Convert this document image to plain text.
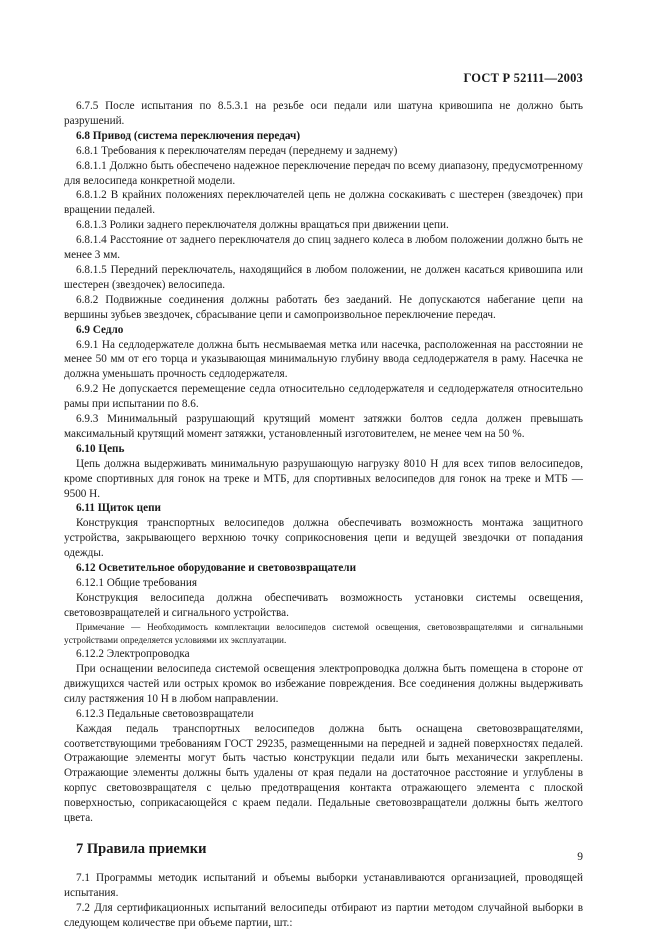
ГОСТ Р 52111—2003

6.7.5 После испытания по 8.5.3.1 на резьбе оси педали или шатуна кривошипа не должно быть разрушений.

6.8 Привод (система переключения передач)

6.8.1 Требования к переключателям передач (переднему и заднему)

6.8.1.1 Должно быть обеспечено надежное переключение передач по всему диапазону, предусмотренному для велосипеда конкретной модели.

6.8.1.2 В крайних положениях переключателей цепь не должна соскакивать с шестерен (звездочек) при вращении педалей.

6.8.1.3 Ролики заднего переключателя должны вращаться при движении цепи.

6.8.1.4 Расстояние от заднего переключателя до спиц заднего колеса в любом положении должно быть не менее 3 мм.

6.8.1.5 Передний переключатель, находящийся в любом положении, не должен касаться кривошипа или шестерен (звездочек) велосипеда.

6.8.2 Подвижные соединения должны работать без заеданий. Не допускаются набегание цепи на вершины зубьев звездочек, сбрасывание цепи и самопроизвольное переключение передач.

6.9 Седло

6.9.1 На седлодержателе должна быть несмываемая метка или насечка, расположенная на расстоянии не менее 50 мм от его торца и указывающая минимальную глубину ввода седлодержателя в раму. Насечка не должна уменьшать прочность седлодержателя.

6.9.2 Не допускается перемещение седла относительно седлодержателя и седлодержателя относительно рамы при испытании по 8.6.

6.9.3 Минимальный разрушающий крутящий момент затяжки болтов седла должен превышать максимальный крутящий момент затяжки, установленный изготовителем, не менее чем на 50 %.

6.10 Цепь

Цепь должна выдерживать минимальную разрушающую нагрузку 8010 Н для всех типов велосипедов, кроме спортивных для гонок на треке и МТБ, для спортивных велосипедов для гонок на треке и МТБ — 9500 Н.

6.11 Щиток цепи

Конструкция транспортных велосипедов должна обеспечивать возможность монтажа защитного устройства, закрывающего верхнюю точку соприкосновения цепи и ведущей звездочки от попадания одежды.

6.12 Осветительное оборудование и световозвращатели

6.12.1 Общие требования

Конструкция велосипеда должна обеспечивать возможность установки системы освещения, световозвращателей и сигнального устройства.

Примечание — Необходимость комплектации велосипедов системой освещения, световозвращателями и сигнальными устройствами определяется условиями их эксплуатации.

6.12.2 Электропроводка

При оснащении велосипеда системой освещения электропроводка должна быть помещена в стороне от движущихся частей или острых кромок во избежание повреждения. Все соединения должны выдерживать силу растяжения 10 Н в любом направлении.

6.12.3 Педальные световозвращатели

Каждая педаль транспортных велосипедов должна быть оснащена световозвращателями, соответствующими требованиям ГОСТ 29235, размещенными на передней и задней поверхностях педалей. Отражающие элементы могут быть частью конструкции педали или быть механически закреплены. Отражающие элементы должны быть удалены от края педали на достаточное расстояние и углублены в корпус световозвращателя с целью предотвращения контакта отражающего элемента с плоской поверхностью, соприкасающейся с краем педали. Педальные световозвращатели должны быть желтого цвета.

7 Правила приемки

7.1 Программы методик испытаний и объемы выборки устанавливаются организацией, проводящей испытания.

7.2 Для сертификационных испытаний велосипеды отбирают из партии методом случайной выборки в следующем количестве при объеме партии, шт.:

9
